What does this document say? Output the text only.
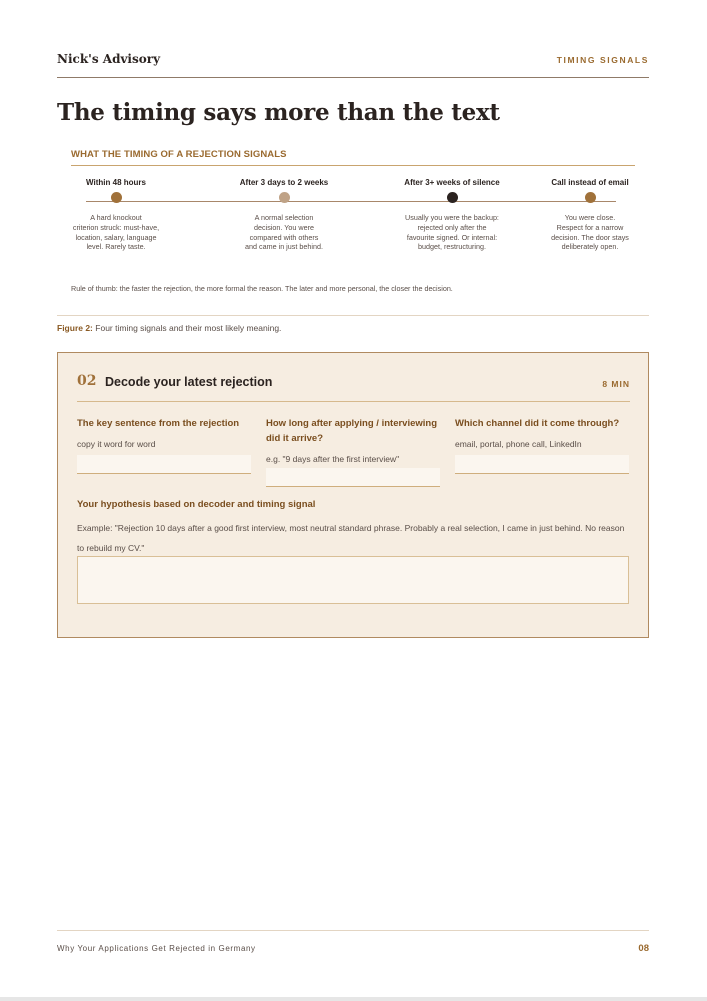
Nick's Advisory	TIMING SIGNALS
The timing says more than the text
WHAT THE TIMING OF A REJECTION SIGNALS
Within 48 hours
A hard knockout
criterion struck: must-have,
location, salary, language
level. Rarely taste.
After 3 days to 2 weeks
A normal selection
decision. You were
compared with others
and came in just behind.
After 3+ weeks of silence
Usually you were the backup:
rejected only after the
favourite signed. Or internal:
budget, restructuring.
Call instead of email
You were close.
Respect for a narrow
decision. The door stays
deliberately open.
Rule of thumb: the faster the rejection, the more formal the reason. The later and more personal, the closer the decision.
Figure 2: Four timing signals and their most likely meaning.
02 Decode your latest rejection	8 MIN
The key sentence from the rejection
copy it word for word
How long after applying / interviewing did it arrive?
e.g. "9 days after the first interview"
Which channel did it come through?
email, portal, phone call, LinkedIn
Your hypothesis based on decoder and timing signal
Example: "Rejection 10 days after a good first interview, most neutral standard phrase. Probably a real selection, I came in just behind. No reason to rebuild my CV."
Why Your Applications Get Rejected in Germany	08
